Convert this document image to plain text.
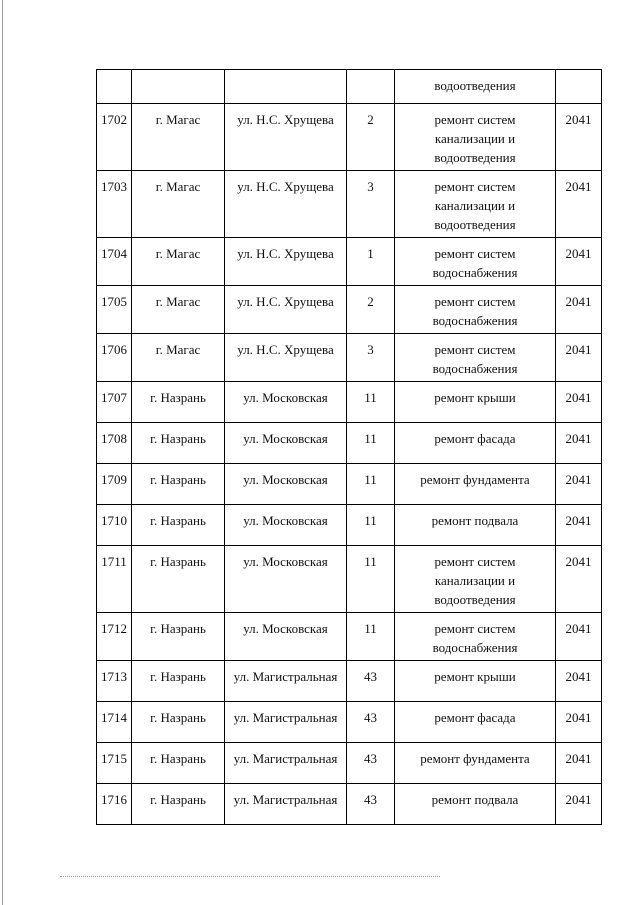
				водоотведения	
1702	г. Магас	ул. Н.С. Хрущева	2	ремонт систем канализации и водоотведения	2041
1703	г. Магас	ул. Н.С. Хрущева	3	ремонт систем канализации и водоотведения	2041
1704	г. Магас	ул. Н.С. Хрущева	1	ремонт систем водоснабжения	2041
1705	г. Магас	ул. Н.С. Хрущева	2	ремонт систем водоснабжения	2041
1706	г. Магас	ул. Н.С. Хрущева	3	ремонт систем водоснабжения	2041
1707	г. Назрань	ул. Московская	11	ремонт крыши	2041
1708	г. Назрань	ул. Московская	11	ремонт фасада	2041
1709	г. Назрань	ул. Московская	11	ремонт фундамента	2041
1710	г. Назрань	ул. Московская	11	ремонт подвала	2041
1711	г. Назрань	ул. Московская	11	ремонт систем канализации и водоотведения	2041
1712	г. Назрань	ул. Московская	11	ремонт систем водоснабжения	2041
1713	г. Назрань	ул. Магистральная	43	ремонт крыши	2041
1714	г. Назрань	ул. Магистральная	43	ремонт фасада	2041
1715	г. Назрань	ул. Магистральная	43	ремонт фундамента	2041
1716	г. Назрань	ул. Магистральная	43	ремонт подвала	2041
